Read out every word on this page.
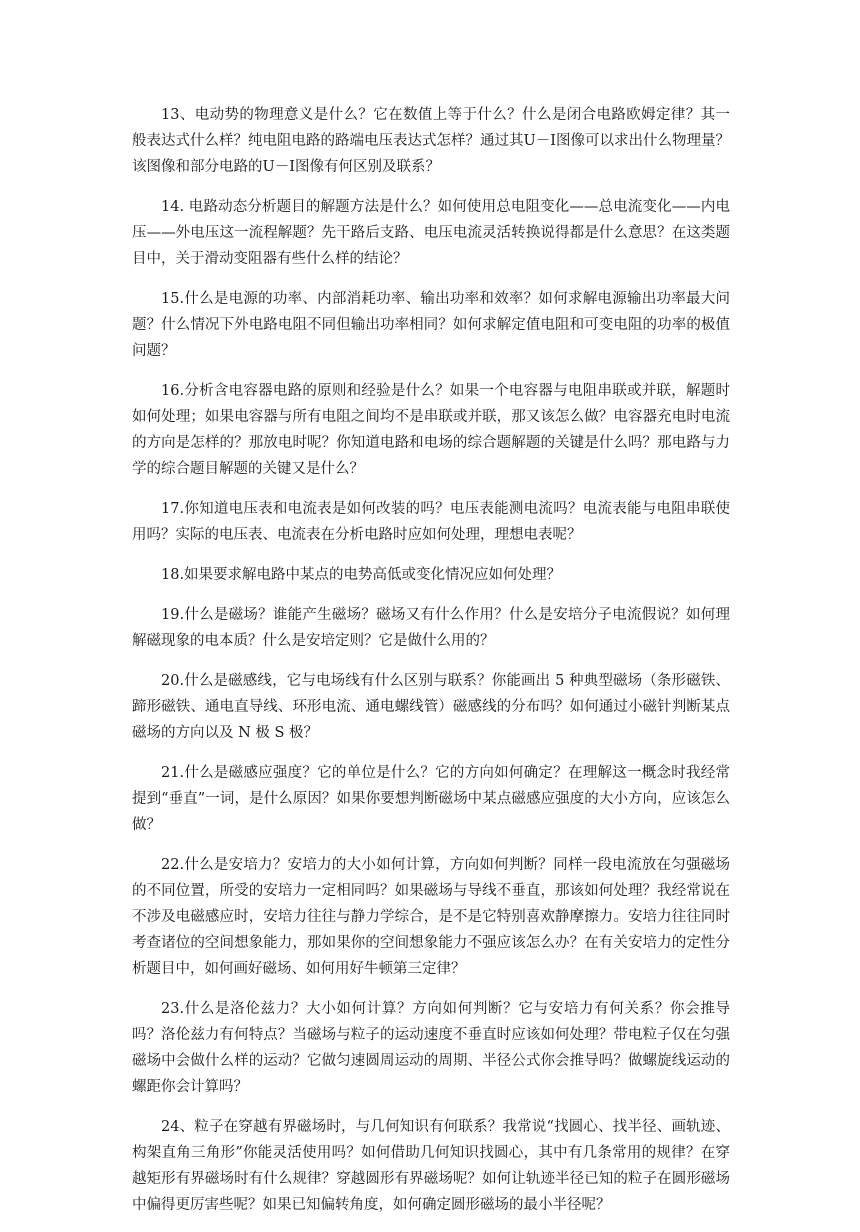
13、电动势的物理意义是什么？它在数值上等于什么？什么是闭合电路欧姆定律？其一般表达式什么样？纯电阻电路的路端电压表达式怎样？通过其U－I图像可以求出什么物理量？该图像和部分电路的U－I图像有何区别及联系？

14. 电路动态分析题目的解题方法是什么？如何使用总电阻变化——总电流变化——内电压——外电压这一流程解题？先干路后支路、电压电流灵活转换说得都是什么意思？在这类题目中，关于滑动变阻器有些什么样的结论？

15.什么是电源的功率、内部消耗功率、输出功率和效率？如何求解电源输出功率最大问题？什么情况下外电路电阻不同但输出功率相同？如何求解定值电阻和可变电阻的功率的极值问题？

16.分析含电容器电路的原则和经验是什么？如果一个电容器与电阻串联或并联，解题时如何处理；如果电容器与所有电阻之间均不是串联或并联，那又该怎么做？电容器充电时电流的方向是怎样的？那放电时呢？你知道电路和电场的综合题解题的关键是什么吗？那电路与力学的综合题目解题的关键又是什么？

17.你知道电压表和电流表是如何改装的吗？电压表能测电流吗？电流表能与电阻串联使用吗？实际的电压表、电流表在分析电路时应如何处理，理想电表呢？

18.如果要求解电路中某点的电势高低或变化情况应如何处理？

19.什么是磁场？谁能产生磁场？磁场又有什么作用？什么是安培分子电流假说？如何理解磁现象的电本质？什么是安培定则？它是做什么用的？

20.什么是磁感线，它与电场线有什么区别与联系？你能画出 5 种典型磁场（条形磁铁、蹄形磁铁、通电直导线、环形电流、通电螺线管）磁感线的分布吗？如何通过小磁针判断某点磁场的方向以及 N 极 S 极？

21.什么是磁感应强度？它的单位是什么？它的方向如何确定？在理解这一概念时我经常提到“垂直”一词，是什么原因？如果你要想判断磁场中某点磁感应强度的大小方向，应该怎么做？

22.什么是安培力？安培力的大小如何计算，方向如何判断？同样一段电流放在匀强磁场的不同位置，所受的安培力一定相同吗？如果磁场与导线不垂直，那该如何处理？我经常说在不涉及电磁感应时，安培力往往与静力学综合，是不是它特别喜欢静摩擦力。安培力往往同时考查诸位的空间想象能力，那如果你的空间想象能力不强应该怎么办？在有关安培力的定性分析题目中，如何画好磁场、如何用好牛顿第三定律？

23.什么是洛伦兹力？大小如何计算？方向如何判断？它与安培力有何关系？你会推导吗？洛伦兹力有何特点？当磁场与粒子的运动速度不垂直时应该如何处理？带电粒子仅在匀强磁场中会做什么样的运动？它做匀速圆周运动的周期、半径公式你会推导吗？做螺旋线运动的螺距你会计算吗？

24、粒子在穿越有界磁场时，与几何知识有何联系？我常说“找圆心、找半径、画轨迹、构架直角三角形”你能灵活使用吗？如何借助几何知识找圆心，其中有几条常用的规律？在穿越矩形有界磁场时有什么规律？穿越圆形有界磁场呢？如何让轨迹半径已知的粒子在圆形磁场中偏得更厉害些呢？如果已知偏转角度，如何确定圆形磁场的最小半径呢？
